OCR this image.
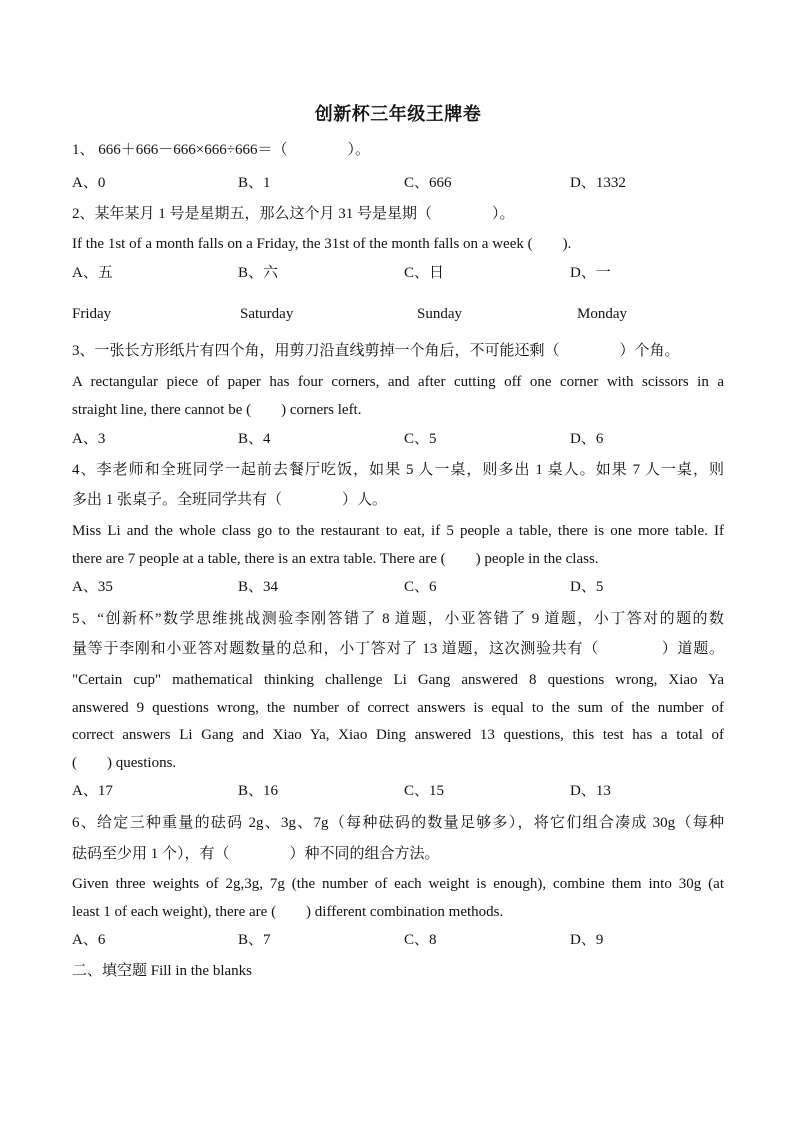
创新杯三年级王牌卷
1、 666＋666－666×666÷666＝（　　　　）。
A、0	B、1	C、666	D、1332
2、某年某月 1 号是星期五，那么这个月 31 号是星期（　　　　）。
If the 1st of a month falls on a Friday, the 31st of the month falls on a week (　　).
A、五	B、六	C、日	D、一
Friday	Saturday	Sunday	Monday
3、一张长方形纸片有四个角，用剪刀沿直线剪掉一个角后，不可能还剩（　　　　）个角。
A rectangular piece of paper has four corners, and after cutting off one corner with scissors in a
straight line, there cannot be (　　) corners left.
A、3	B、4	C、5	D、6
4、李老师和全班同学一起前去餐厅吃饭，如果 5 人一桌，则多出 1 桌人。如果 7 人一桌，则
多出 1 张桌子。全班同学共有（　　　　）人。
Miss Li and the whole class go to the restaurant to eat, if 5 people a table, there is one more table. If
there are 7 people at a table, there is an extra table. There are (　　) people in the class.
A、35	B、34	C、6	D、5
5、“创新杯”数学思维挑战测验李刚答错了 8 道题，小亚答错了 9 道题，小丁答对的题的数
量等于李刚和小亚答对题数量的总和，小丁答对了 13 道题，这次测验共有（　　　　）道题。
"Certain cup" mathematical thinking challenge Li Gang answered 8 questions wrong, Xiao Ya
answered 9 questions wrong, the number of correct answers is equal to the sum of the number of
correct answers Li Gang and Xiao Ya, Xiao Ding answered 13 questions, this test has a total of
(　　) questions.
A、17	B、16	C、15	D、13
6、给定三种重量的砝码 2g、3g、7g（每种砝码的数量足够多），将它们组合凑成 30g（每种
砝码至少用 1 个），有（　　　　）种不同的组合方法。
Given three weights of 2g,3g, 7g (the number of each weight is enough), combine them into 30g (at
least 1 of each weight), there are (　　) different combination methods.
A、6	B、7	C、8	D、9
二、填空题 Fill in the blanks
